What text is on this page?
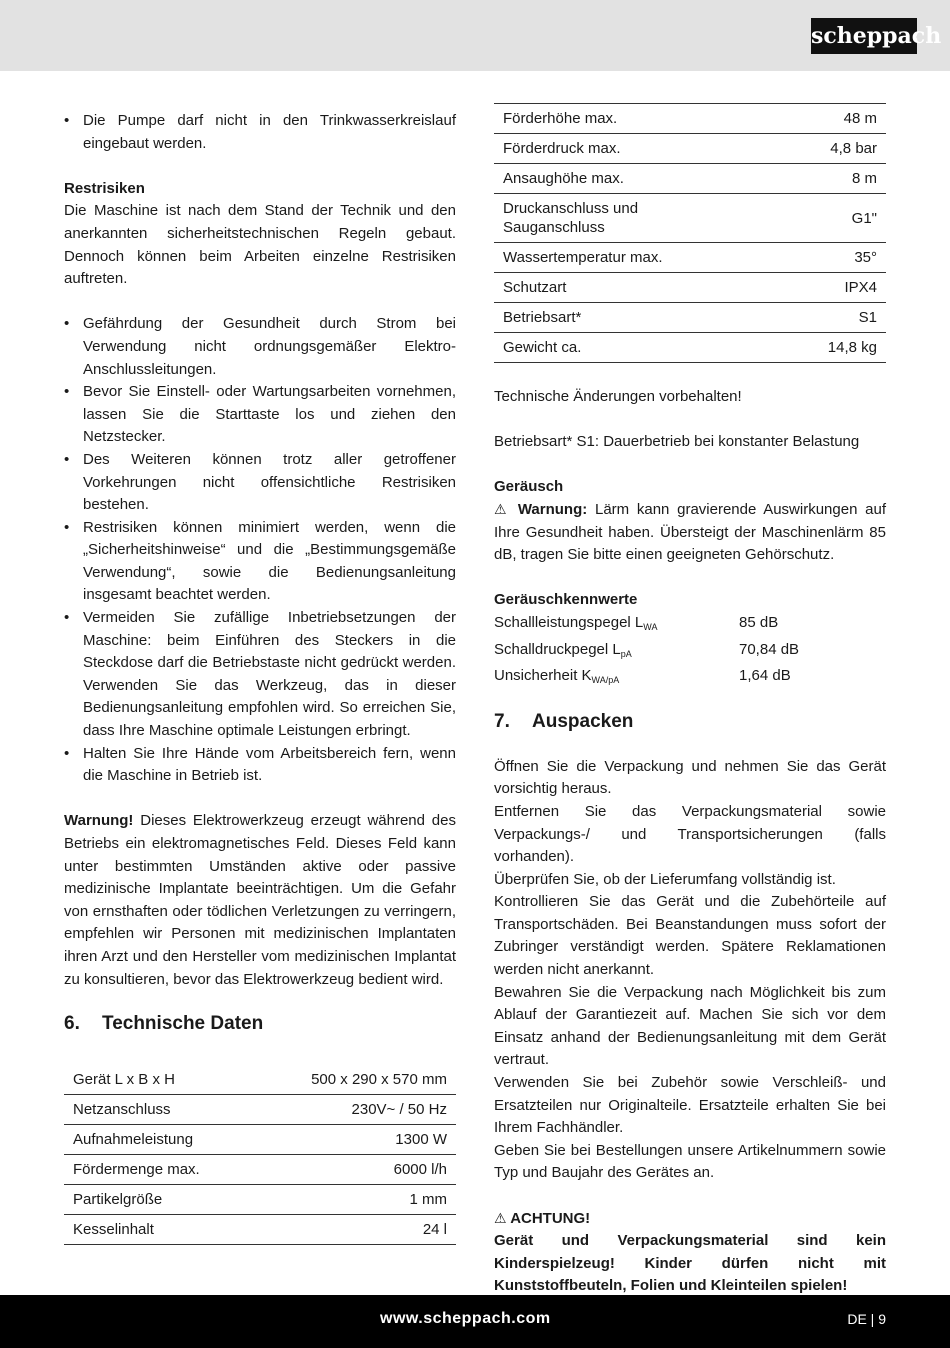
scheppach
• Die Pumpe darf nicht in den Trinkwasserkreislauf eingebaut werden.
Restrisiken

Die Maschine ist nach dem Stand der Technik und den anerkannten sicherheitstechnischen Regeln gebaut. Dennoch können beim Arbeiten einzelne Restrisiken auftreten.

• Gefährdung der Gesundheit durch Strom bei Verwendung nicht ordnungsgemäßer Elektro-Anschlussleitungen.
• Bevor Sie Einstell- oder Wartungsarbeiten vornehmen, lassen Sie die Starttaste los und ziehen den Netzstecker.
• Des Weiteren können trotz aller getroffener Vorkehrungen nicht offensichtliche Restrisiken bestehen.
• Restrisiken können minimiert werden, wenn die „Sicherheitshinweise“ und die „Bestimmungsgemäße Verwendung“, sowie die Bedienungsanleitung insgesamt beachtet werden.
• Vermeiden Sie zufällige Inbetriebsetzungen der Maschine: beim Einführen des Steckers in die Steckdose darf die Betriebstaste nicht gedrückt werden. Verwenden Sie das Werkzeug, das in dieser Bedienungsanleitung empfohlen wird. So erreichen Sie, dass Ihre Maschine optimale Leistungen erbringt.
• Halten Sie Ihre Hände vom Arbeitsbereich fern, wenn die Maschine in Betrieb ist.

Warnung! Dieses Elektrowerkzeug erzeugt während des Betriebs ein elektromagnetisches Feld. Dieses Feld kann unter bestimmten Umständen aktive oder passive medizinische Implantate beeinträchtigen. Um die Gefahr von ernsthaften oder tödlichen Verletzungen zu verringern, empfehlen wir Personen mit medizinischen Implantaten ihren Arzt und den Hersteller vom medizinischen Implantat zu konsultieren, bevor das Elektrowerkzeug bedient wird.

6. Technische Daten
Gerät L x B x H	500 x 290 x 570 mm
Netzanschluss	230V~ / 50 Hz
Aufnahmeleistung	1300 W
Fördermenge max.	6000 l/h
Partikelgröße	1 mm
Kesselinhalt	24 l
Förderhöhe max.	48 m
Förderdruck max.	4,8 bar
Ansaughöhe max.	8 m
Druckanschluss und Sauganschluss	G1"
Wassertemperatur max.	35°
Schutzart	IPX4
Betriebsart*	S1
Gewicht ca.	14,8 kg
Technische Änderungen vorbehalten!
Betriebsart* S1: Dauerbetrieb bei konstanter Belastung
Geräusch

⚠ Warnung: Lärm kann gravierende Auswirkungen auf Ihre Gesundheit haben. Übersteigt der Maschinenlärm 85 dB, tragen Sie bitte einen geeigneten Gehörschutz.

Geräuschkennwerte
Schallleistungspegel $L_{WA}$	85 dB
Schalldruckpegel $L_{pA}$	70,84 dB
Unsicherheit $K_{WA/pA}$	1,64 dB
7. Auspacken

Öffnen Sie die Verpackung und nehmen Sie das Gerät vorsichtig heraus.
Entfernen Sie das Verpackungsmaterial sowie Verpackungs-/ und Transportsicherungen (falls vorhanden).
Überprüfen Sie, ob der Lieferumfang vollständig ist.
Kontrollieren Sie das Gerät und die Zubehörteile auf Transportschäden. Bei Beanstandungen muss sofort der Zubringer verständigt werden. Spätere Reklamationen werden nicht anerkannt.
Bewahren Sie die Verpackung nach Möglichkeit bis zum Ablauf der Garantiezeit auf. Machen Sie sich vor dem Einsatz anhand der Bedienungsanleitung mit dem Gerät vertraut.
Verwenden Sie bei Zubehör sowie Verschleiß- und Ersatzteilen nur Originalteile. Ersatzteile erhalten Sie bei Ihrem Fachhändler.
Geben Sie bei Bestellungen unsere Artikelnummern sowie Typ und Baujahr des Gerätes an.

⚠ ACHTUNG!

Gerät und Verpackungsmaterial sind kein Kinderspielzeug! Kinder dürfen nicht mit Kunststoffbeuteln, Folien und Kleinteilen spielen!

www.scheppach.com	DE | 9
